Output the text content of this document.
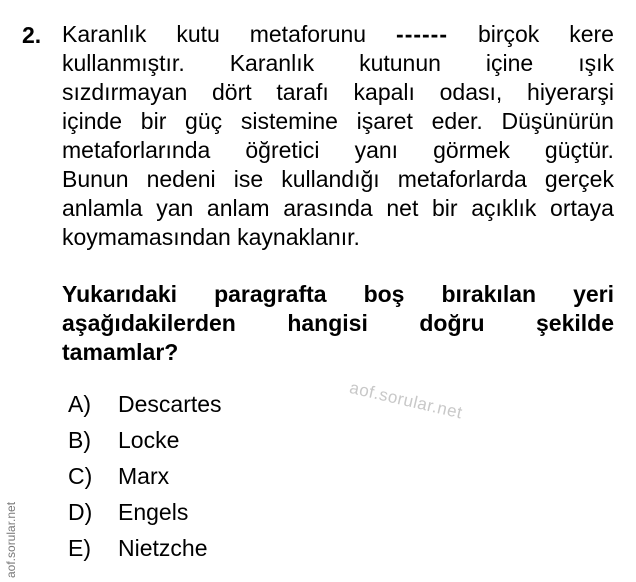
2. Karanlık kutu metaforunu ------ birçok kere
kullanmıştır. Karanlık kutunun içine ışık
sızdırmayan dört tarafı kapalı odası, hiyerarşi
içinde bir güç sistemine işaret eder. Düşünürün
metaforlarında öğretici yanı görmek güçtür.
Bunun nedeni ise kullandığı metaforlarda gerçek
anlamla yan anlam arasında net bir açıklık ortaya
koymamasından kaynaklanır.
Yukarıdaki paragrafta boş bırakılan yeri
aşağıdakilerden hangisi doğru şekilde
tamamlar?
A)	Descartes
B)	Locke
C)	Marx
D)	Engels
E)	Nietzche
aof.sorular.net
aof.sorular.net
